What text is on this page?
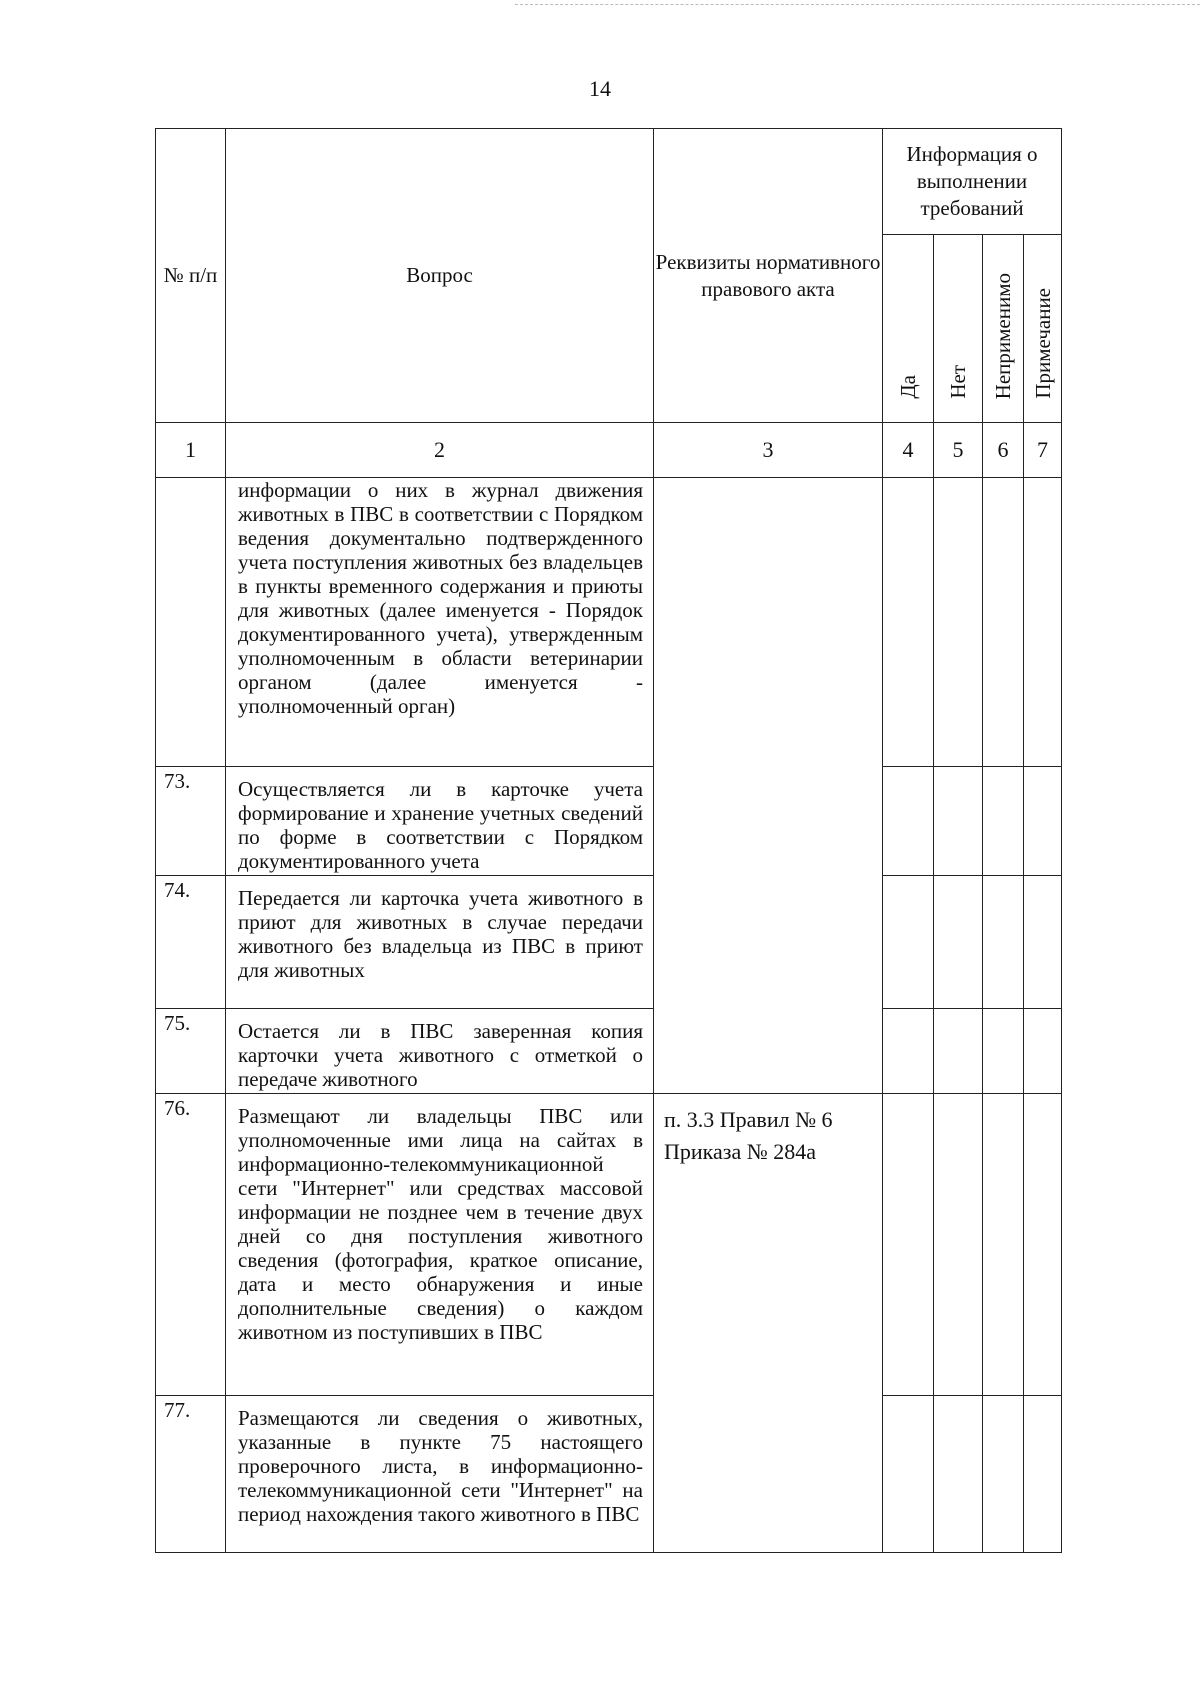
14
№ п/п	Вопрос	Реквизиты нормативного правового акта	Информация о выполнении требований			
			Да	Нет	Неприменимо	Примечание
1	2	3	4	5	6	7
	информации о них в журнал движения животных в ПВС в соответствии с Порядком ведения документально подтвержденного учета поступления животных без владельцев в пункты временного содержания и приюты для животных (далее именуется - Порядок документированного учета), утвержденным уполномоченным в области ветеринарии органом (далее именуется - уполномоченный орган)					
73.	Осуществляется ли в карточке учета формирование и хранение учетных сведений по форме в соответствии с Порядком документированного учета					
74.	Передается ли карточка учета животного в приют для животных в случае передачи животного без владельца из ПВС в приют для животных					
75.	Остается ли в ПВС заверенная копия карточки учета животного с отметкой о передаче животного					
76.	Размещают ли владельцы ПВС или уполномоченные ими лица на сайтах в информационно-телекоммуникационной сети "Интернет" или средствах массовой информации не позднее чем в течение двух дней со дня поступления животного сведения (фотография, краткое описание, дата и место обнаружения и иные дополнительные сведения) о каждом животном из поступивших в ПВС	п. 3.3 Правил № 6 Приказа № 284а				
77.	Размещаются ли сведения о животных, указанные в пункте 75 настоящего проверочного листа, в информационно-телекоммуникационной сети "Интернет" на период нахождения такого животного в ПВС					
